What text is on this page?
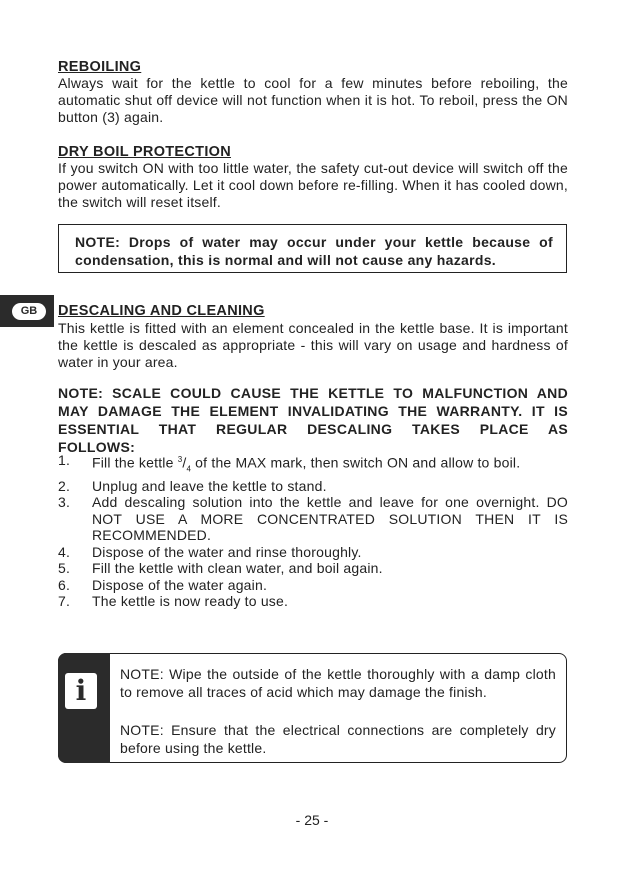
REBOILING
Always wait for the kettle to cool for a few minutes before reboiling, the automatic shut off device will not function when it is hot. To reboil, press the ON button (3) again.
DRY BOIL PROTECTION
If you switch ON with too little water, the safety cut-out device will switch off the power automatically. Let it cool down before re-filling. When it has cooled down, the switch will reset itself.
NOTE: Drops of water may occur under your kettle because of condensation, this is normal and will not cause any hazards.
GB	DESCALING AND CLEANING
This kettle is fitted with an element concealed in the kettle base. It is important the kettle is descaled as appropriate - this will vary on usage and hardness of water in your area.
NOTE: SCALE COULD CAUSE THE KETTLE TO MALFUNCTION AND
MAY DAMAGE THE ELEMENT INVALIDATING THE WARRANTY. IT IS
ESSENTIAL THAT REGULAR DESCALING TAKES PLACE AS
FOLLOWS:
1. Fill the kettle $^3/_4$ of the MAX mark, then switch ON and allow to boil.
2. Unplug and leave the kettle to stand.
3. Add descaling solution into the kettle and leave for one overnight. DO NOT USE A MORE CONCENTRATED SOLUTION THEN IT IS RECOMMENDED.
4. Dispose of the water and rinse thoroughly.
5. Fill the kettle with clean water, and boil again.
6. Dispose of the water again.
7. The kettle is now ready to use.
i	NOTE: Wipe the outside of the kettle thoroughly with a damp cloth to remove all traces of acid which may damage the finish.
NOTE: Ensure that the electrical connections are completely dry before using the kettle.
- 25 -
